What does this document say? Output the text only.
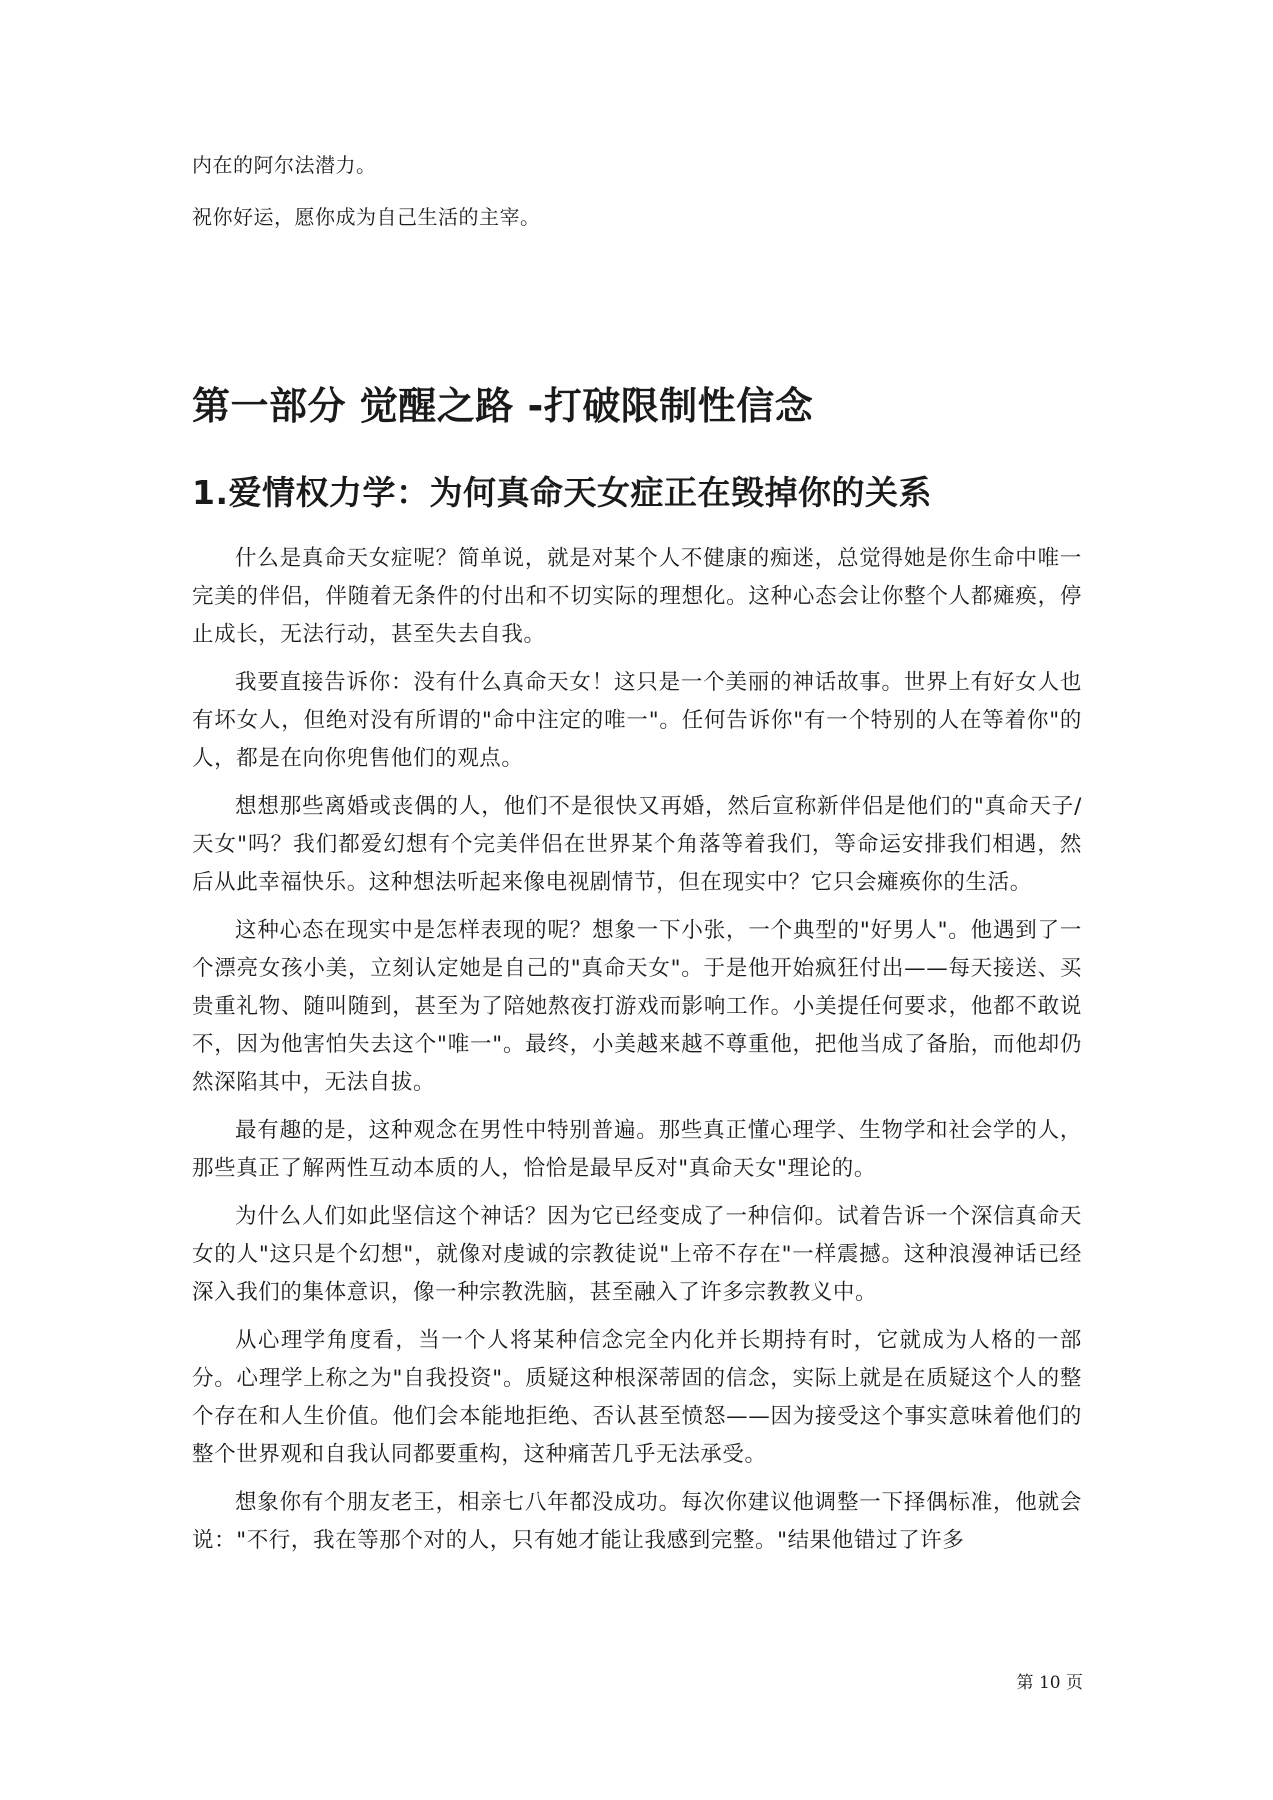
内在的阿尔法潜力。

祝你好运，愿你成为自己生活的主宰。

第一部分 觉醒之路 -打破限制性信念
1.爱情权力学：为何真命天女症正在毁掉你的关系

什么是真命天女症呢？简单说，就是对某个人不健康的痴迷，总觉得她是你生命中唯一完美的伴侣，伴随着无条件的付出和不切实际的理想化。这种心态会让你整个人都瘫痪，停止成长，无法行动，甚至失去自我。

我要直接告诉你：没有什么真命天女！这只是一个美丽的神话故事。世界上有好女人也有坏女人，但绝对没有所谓的"命中注定的唯一"。任何告诉你"有一个特别的人在等着你"的人，都是在向你兜售他们的观点。

想想那些离婚或丧偶的人，他们不是很快又再婚，然后宣称新伴侣是他们的"真命天子/天女"吗？我们都爱幻想有个完美伴侣在世界某个角落等着我们，等命运安排我们相遇，然后从此幸福快乐。这种想法听起来像电视剧情节，但在现实中？它只会瘫痪你的生活。

这种心态在现实中是怎样表现的呢？想象一下小张，一个典型的"好男人"。他遇到了一个漂亮女孩小美，立刻认定她是自己的"真命天女"。于是他开始疯狂付出——每天接送、买贵重礼物、随叫随到，甚至为了陪她熬夜打游戏而影响工作。小美提任何要求，他都不敢说不，因为他害怕失去这个"唯一"。最终，小美越来越不尊重他，把他当成了备胎，而他却仍然深陷其中，无法自拔。

最有趣的是，这种观念在男性中特别普遍。那些真正懂心理学、生物学和社会学的人，那些真正了解两性互动本质的人，恰恰是最早反对"真命天女"理论的。

为什么人们如此坚信这个神话？因为它已经变成了一种信仰。试着告诉一个深信真命天女的人"这只是个幻想"，就像对虔诚的宗教徒说"上帝不存在"一样震撼。这种浪漫神话已经深入我们的集体意识，像一种宗教洗脑，甚至融入了许多宗教教义中。

从心理学角度看，当一个人将某种信念完全内化并长期持有时，它就成为人格的一部分。心理学上称之为"自我投资"。质疑这种根深蒂固的信念，实际上就是在质疑这个人的整个存在和人生价值。他们会本能地拒绝、否认甚至愤怒——因为接受这个事实意味着他们的整个世界观和自我认同都要重构，这种痛苦几乎无法承受。

想象你有个朋友老王，相亲七八年都没成功。每次你建议他调整一下择偶标准，他就会说："不行，我在等那个对的人，只有她才能让我感到完整。"结果他错过了许多

第 10 页
